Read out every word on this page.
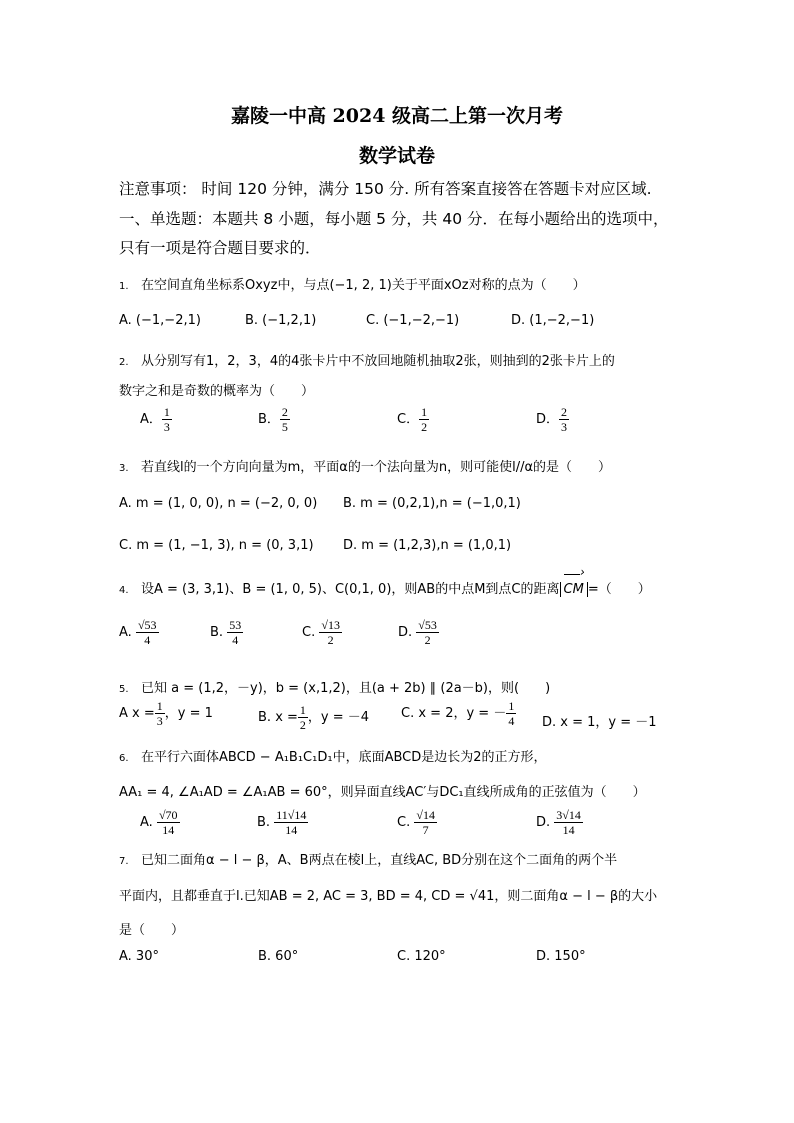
嘉陵一中高 2024 级高二上第一次月考
数学试卷
注意事项： 时间 120 分钟，满分 150 分. 所有答案直接答在答题卡对应区域.
一、单选题：本题共 8 小题，每小题 5 分，共 40 分．在每小题给出的选项中，
只有一项是符合题目要求的．
1. 在空间直角坐标系Oxyz中，与点(−1, 2, 1)关于平面xOz对称的点为（　　）
A. (−1,−2,1)	B. (−1,2,1)	C. (−1,−2,−1)	D. (1,−2,−1)
2. 从分别写有1，2，3，4的4张卡片中不放回地随机抽取2张，则抽到的2张卡片上的
数字之和是奇数的概率为（　　）
A． $\frac{1}{3}$	B． $\frac{2}{5}$	C． $\frac{1}{2}$	D． $\frac{2}{3}$
3. 若直线l的一个方向向量为m，平面α的一个法向量为n，则可能使l//α的是（　　）
A. m = (1, 0, 0), n = (−2, 0, 0) B. m = (0,2,1),n = (−1,0,1)
C. m = (1, −1, 3), n = (0, 3,1) D. m = (1,2,3),n = (1,0,1)
4. 设A = (3, 3,1)、B = (1, 0, 5)、C(0,1, 0)，则AB的中点M到点C的距离 CM › =（　　）
A. $\frac{√53}{4}$	B. $\frac{53}{4}$	C. $\frac{√13}{2}$	D. $\frac{√53}{2}$
5. 已知 a = (1,2，－y)，b = (x,1,2)，且(a + 2b) ∥ (2a－b)，则(　　)
A $x = \frac{1}{3}$ ，y = 1	B. $x = \frac{1}{2}$ ，y = －4 C. x = 2，y = － $\frac{1}{4} D$. x = 1，y = －1
6. 在平行六面体ABCD − A₁B₁C₁D₁中，底面ABCD是边长为2的正方形，
AA₁ = 4, ∠A₁AD = ∠A₁AB = 60°，则异面直线AC′与DC₁直线所成角的正弦值为（　　）
A. $\frac{√70}{14}$	B. $\frac{11√14}{14}$	C. $\frac{√14}{7}$	D. $\frac{3√14}{14}$
7. 已知二面角α − l − β，A、B两点在棱l上，直线AC, BD分别在这个二面角的两个半
平面内，且都垂直于l.已知AB = 2, AC = 3, BD = 4, CD = √41，则二面角α − l − β的大小
是（　　）
A. 30°	B. 60°	C. 120°	D. 150°
